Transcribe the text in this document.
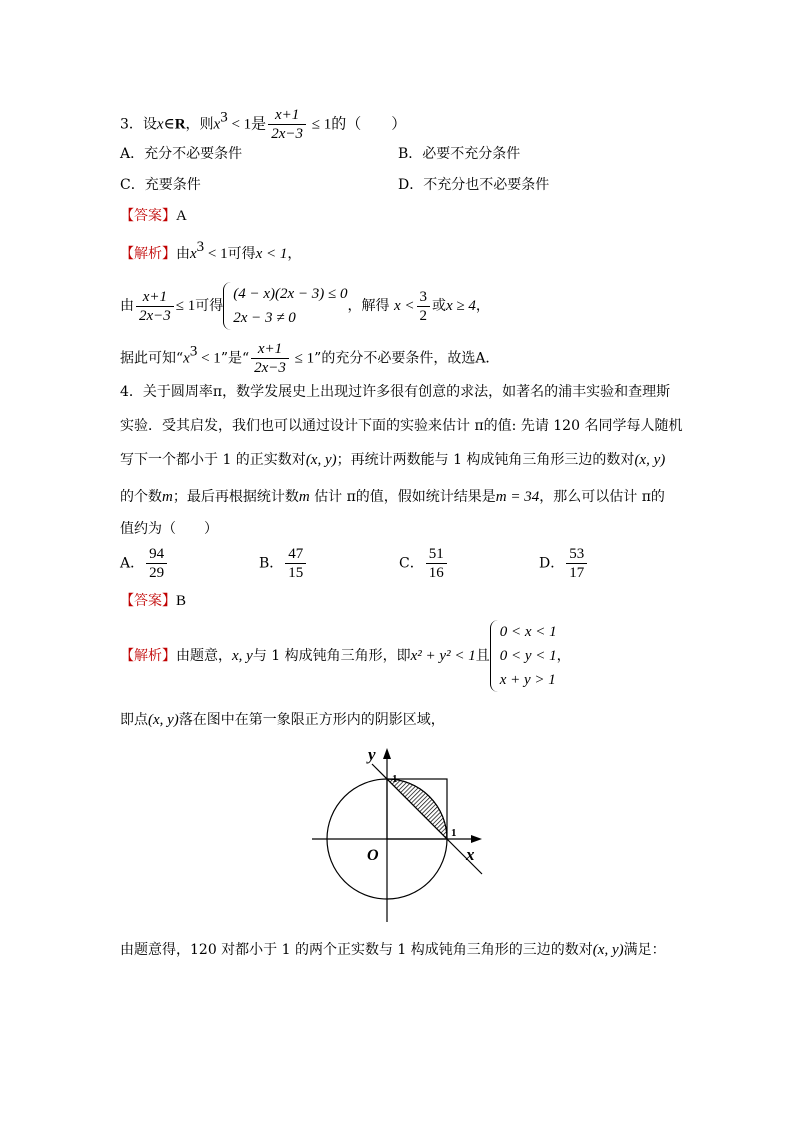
3．设x∈R，则$x^3 < 1$是 $\frac{x+1}{2x-3} \le 1$的（　　）
A．充分不必要条件	B．必要不充分条件
C．充要条件	D．不充分也不必要条件
【答案】A
【解析】由$x^3 < 1$可得x < 1，
由 $\frac{x+1}{2x-3} \le 1$可得
(4 − x)(2x − 3) ≤ 0
2x − 3 ≠ 0
，解得 $x < \frac{3}{2}$ 或x ≥ 4，
据此可知“$x^3 < 1$”是“ $\frac{x+1}{2x-3} \le 1$”的充分不必要条件，故选A．
4．关于圆周率π，数学发展史上出现过许多很有创意的求法，如著名的浦丰实验和查理斯
实验．受其启发，我们也可以通过设计下面的实验来估计 π的值: 先请 120 名同学每人随机
写下一个都小于 1 的正实数对(x, y)；再统计两数能与 1 构成钝角三角形三边的数对(x, y)
的个数m；最后再根据统计数m 估计 π的值，假如统计结果是m = 34，那么可以估计 π的
值约为（　　）
A． $\frac{94}{29}$	B． $\frac{47}{15}$	C． $\frac{51}{16}$	D． $\frac{53}{17}$
【答案】B
【解析】由题意，x, y与 1 构成钝角三角形，即x² + y² < 1且
0 < x < 1
0 < y < 1
x + y > 1
，
即点(x, y)落在图中在第一象限正方形内的阴影区域，
y
x
O
1
1
由题意得，120 对都小于 1 的两个正实数与 1 构成钝角三角形的三边的数对(x, y)满足：
